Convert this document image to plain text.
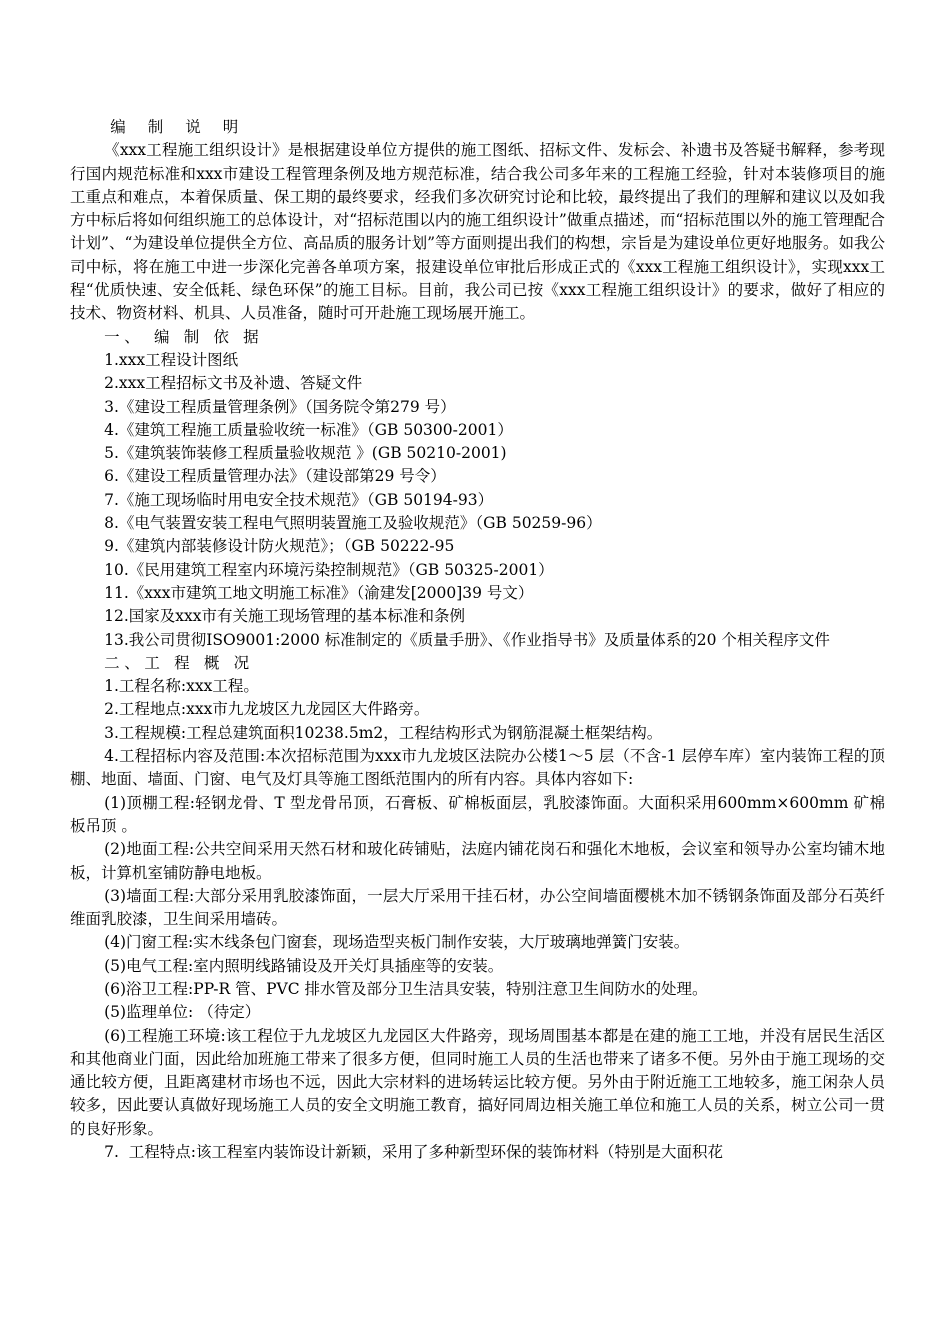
编 制 说 明
《xxx工程施工组织设计》是根据建设单位方提供的施工图纸、招标文件、发标会、补遗书及答疑书解释，参考现行国内规范标准和xxx市建设工程管理条例及地方规范标准，结合我公司多年来的工程施工经验，针对本装修项目的施工重点和难点，本着保质量、保工期的最终要求，经我们多次研究讨论和比较，最终提出了我们的理解和建议以及如我方中标后将如何组织施工的总体设计，对“招标范围以内的施工组织设计”做重点描述，而“招标范围以外的施工管理配合计划”、“为建设单位提供全方位、高品质的服务计划”等方面则提出我们的构想，宗旨是为建设单位更好地服务。如我公司中标，将在施工中进一步深化完善各单项方案，报建设单位审批后形成正式的《xxx工程施工组织设计》，实现xxx工程“优质快速、安全低耗、绿色环保”的施工目标。目前，我公司已按《xxx工程施工组织设计》的要求，做好了相应的技术、物资材料、机具、人员准备，随时可开赴施工现场展开施工。
一、 编 制 依 据
1.xxx工程设计图纸
2.xxx工程招标文书及补遗、答疑文件
3.《建设工程质量管理条例》（国务院令第279 号）
4.《建筑工程施工质量验收统一标准》（GB 50300-2001）
5.《建筑装饰装修工程质量验收规范 》(GB 50210-2001)
6.《建设工程质量管理办法》（建设部第29 号令）
7.《施工现场临时用电安全技术规范》（GB 50194-93）
8.《电气装置安装工程电气照明装置施工及验收规范》（GB 50259-96）
9.《建筑内部装修设计防火规范》；（GB 50222-95
10.《民用建筑工程室内环境污染控制规范》（GB 50325-2001）
11.《xxx市建筑工地文明施工标准》（渝建发[2000]39 号文）
12.国家及xxx市有关施工现场管理的基本标准和条例
13.我公司贯彻ISO9001:2000 标准制定的《质量手册》、《作业指导书》及质量体系的20 个相关程序文件
二、工 程 概 况
1.工程名称:xxx工程。
2.工程地点:xxx市九龙坡区九龙园区大件路旁。
3.工程规模:工程总建筑面积10238.5m2，工程结构形式为钢筋混凝土框架结构。
4.工程招标内容及范围:本次招标范围为xxx市九龙坡区法院办公楼1～5 层（不含-1 层停车库）室内装饰工程的顶棚、地面、墙面、门窗、电气及灯具等施工图纸范围内的所有内容。具体内容如下:
(1)顶棚工程:轻钢龙骨、T 型龙骨吊顶，石膏板、矿棉板面层，乳胶漆饰面。大面积采用600mm×600mm 矿棉板吊顶 。
(2)地面工程:公共空间采用天然石材和玻化砖铺贴，法庭内铺花岗石和强化木地板，会议室和领导办公室均铺木地板，计算机室铺防静电地板。
(3)墙面工程:大部分采用乳胶漆饰面，一层大厅采用干挂石材，办公空间墙面樱桃木加不锈钢条饰面及部分石英纤维面乳胶漆，卫生间采用墙砖。
(4)门窗工程:实木线条包门窗套，现场造型夹板门制作安装，大厅玻璃地弹簧门安装。
(5)电气工程:室内照明线路铺设及开关灯具插座等的安装。
(6)浴卫工程:PP-R 管、PVC 排水管及部分卫生洁具安装，特别注意卫生间防水的处理。
(5)监理单位: （待定）
(6)工程施工环境:该工程位于九龙坡区九龙园区大件路旁，现场周围基本都是在建的施工工地，并没有居民生活区和其他商业门面，因此给加班施工带来了很多方便，但同时施工人员的生活也带来了诸多不便。另外由于施工现场的交通比较方便，且距离建材市场也不远，因此大宗材料的进场转运比较方便。另外由于附近施工工地较多，施工闲杂人员较多，因此要认真做好现场施工人员的安全文明施工教育，搞好同周边相关施工单位和施工人员的关系，树立公司一贯的良好形象。
7.  工程特点:该工程室内装饰设计新颖，采用了多种新型环保的装饰材料（特别是大面积花
